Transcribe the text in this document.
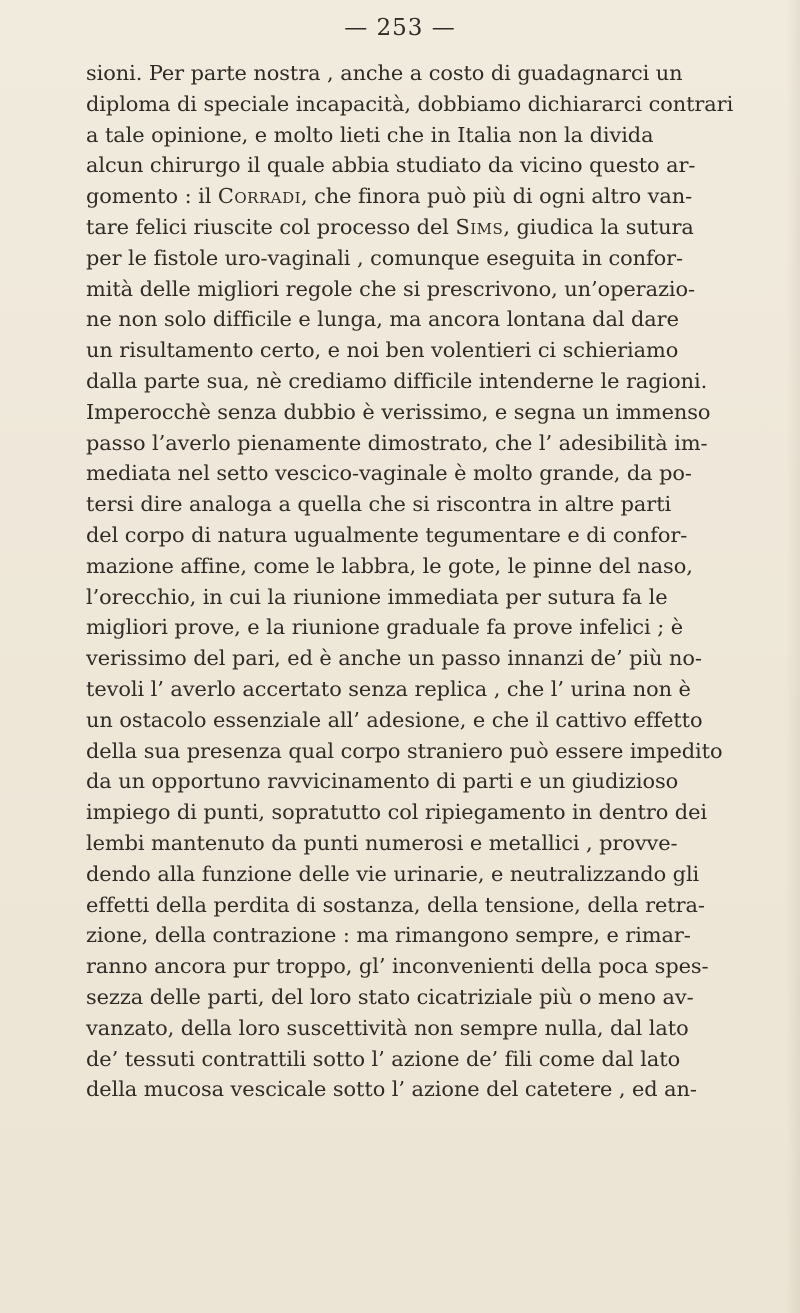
— 253 —
sioni. Per parte nostra , anche a costo di guadagnarci un
diploma di speciale incapacità, dobbiamo dichiararci contrari
a tale opinione, e molto lieti che in Italia non la divida
alcun chirurgo il quale abbia studiato da vicino questo ar-
gomento : il Corradi, che finora può più di ogni altro van-
tare felici riuscite col processo del Sims, giudica la sutura
per le fistole uro-vaginali , comunque eseguita in confor-
mità delle migliori regole che si prescrivono, un’operazio-
ne non solo difficile e lunga, ma ancora lontana dal dare
un risultamento certo, e noi ben volentieri ci schieriamo
dalla parte sua, nè crediamo difficile intenderne le ragioni.
Imperocchè senza dubbio è verissimo, e segna un immenso
passo l’averlo pienamente dimostrato, che l’ adesibilità im-
mediata nel setto vescico-vaginale è molto grande, da po-
tersi dire analoga a quella che si riscontra in altre parti
del corpo di natura ugualmente tegumentare e di confor-
mazione affine, come le labbra, le gote, le pinne del naso,
l’orecchio, in cui la riunione immediata per sutura fa le
migliori prove, e la riunione graduale fa prove infelici ; è
verissimo del pari, ed è anche un passo innanzi de’ più no-
tevoli l’ averlo accertato senza replica , che l’ urina non è
un ostacolo essenziale all’ adesione, e che il cattivo effetto
della sua presenza qual corpo straniero può essere impedito
da un opportuno ravvicinamento di parti e un giudizioso
impiego di punti, sopratutto col ripiegamento in dentro dei
lembi mantenuto da punti numerosi e metallici , provve-
dendo alla funzione delle vie urinarie, e neutralizzando gli
effetti della perdita di sostanza, della tensione, della retra-
zione, della contrazione : ma rimangono sempre, e rimar-
ranno ancora pur troppo, gl’ inconvenienti della poca spes-
sezza delle parti, del loro stato cicatriziale più o meno av-
vanzato, della loro suscettività non sempre nulla, dal lato
de’ tessuti contrattili sotto l’ azione de’ fili come dal lato
della mucosa vescicale sotto l’ azione del catetere , ed an-
